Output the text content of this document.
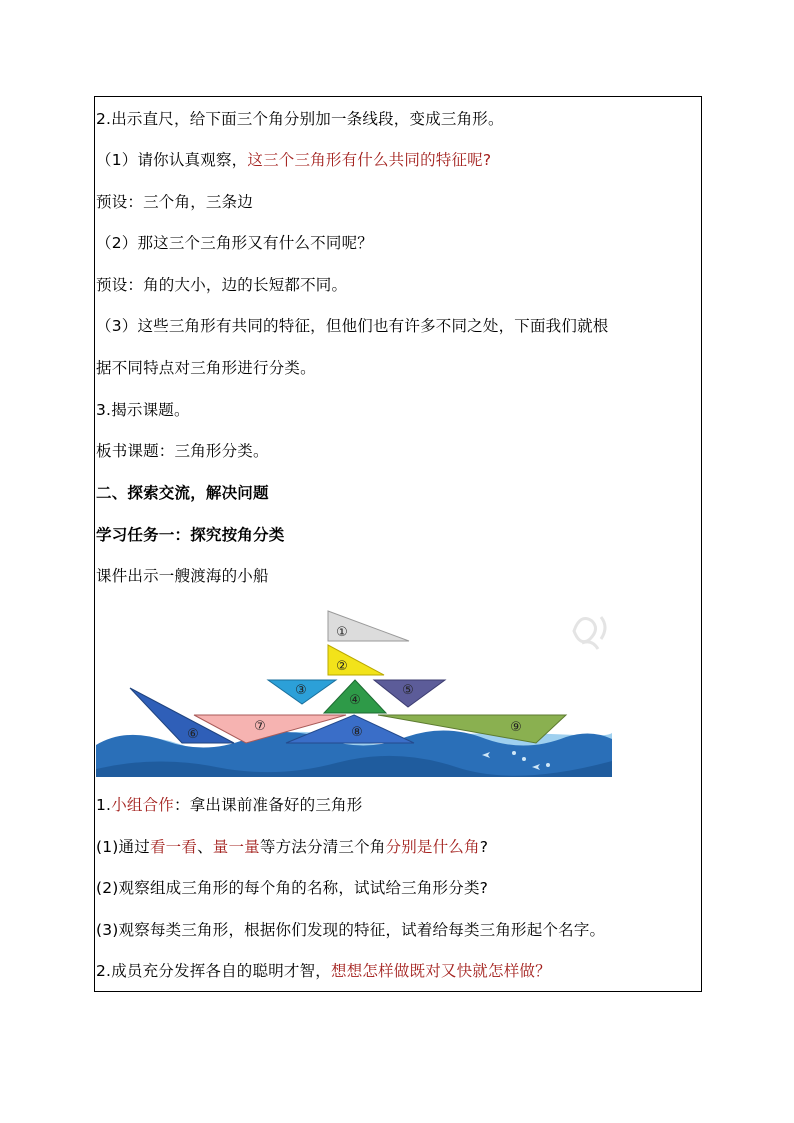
2.出示直尺，给下面三个角分别加一条线段，变成三角形。
（1）请你认真观察，这三个三角形有什么共同的特征呢?
预设：三个角，三条边
（2）那这三个三角形又有什么不同呢？
预设：角的大小，边的长短都不同。
（3）这些三角形有共同的特征，但他们也有许多不同之处，下面我们就根
据不同特点对三角形进行分类。
3.揭示课题。
板书课题：三角形分类。
二、探索交流，解决问题
学习任务一：探究按角分类
课件出示一艘渡海的小船
①
②
③
④
⑤
⑥
⑦	⑧	⑨
1.小组合作：拿出课前准备好的三角形
(1)通过看一看、量一量等方法分清三个角分别是什么角?
(2)观察组成三角形的每个角的名称，试试给三角形分类?
(3)观察每类三角形，根据你们发现的特征，试着给每类三角形起个名字。
2.成员充分发挥各自的聪明才智，想想怎样做既对又快就怎样做？
